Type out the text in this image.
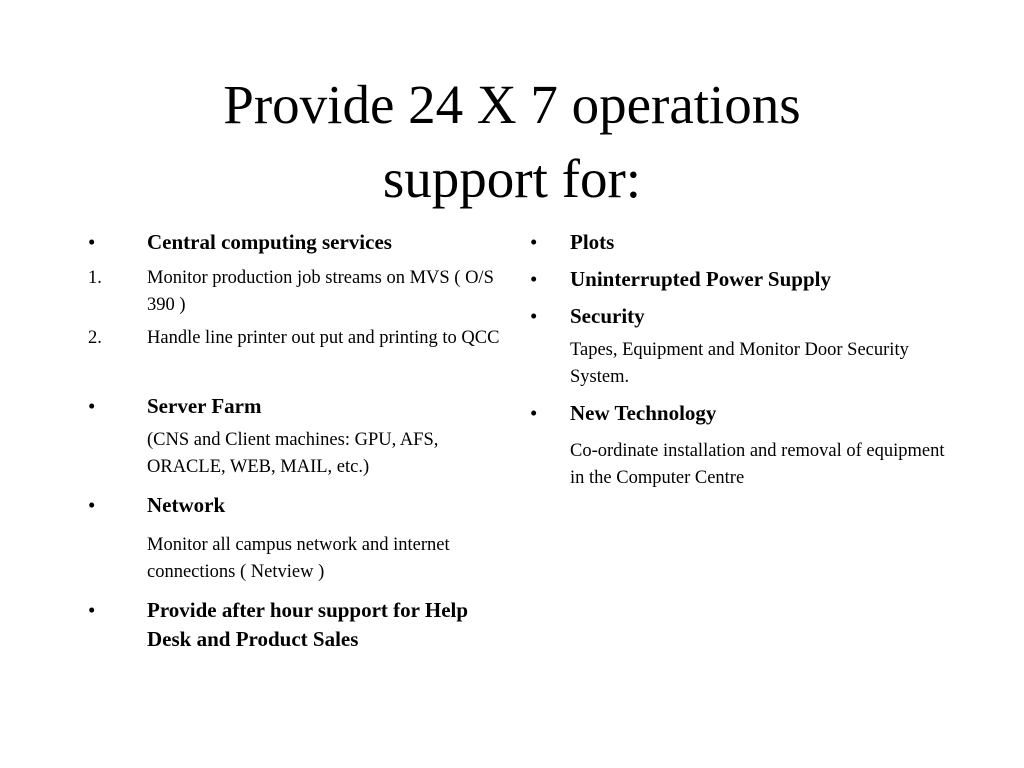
Provide 24 X 7 operations
support for:
• Central computing services
1. Monitor production job streams on MVS ( O/S 390 )
2. Handle line printer out put and printing to QCC
• Server Farm
(CNS and Client machines: GPU, AFS, ORACLE, WEB, MAIL, etc.)
• Network
Monitor all campus network and internet connections ( Netview )
• Provide after hour support for Help Desk and Product Sales
• Plots
• Uninterrupted Power Supply
• Security
Tapes, Equipment and Monitor Door Security System.
• New Technology
Co-ordinate installation and removal of equipment in the Computer Centre
